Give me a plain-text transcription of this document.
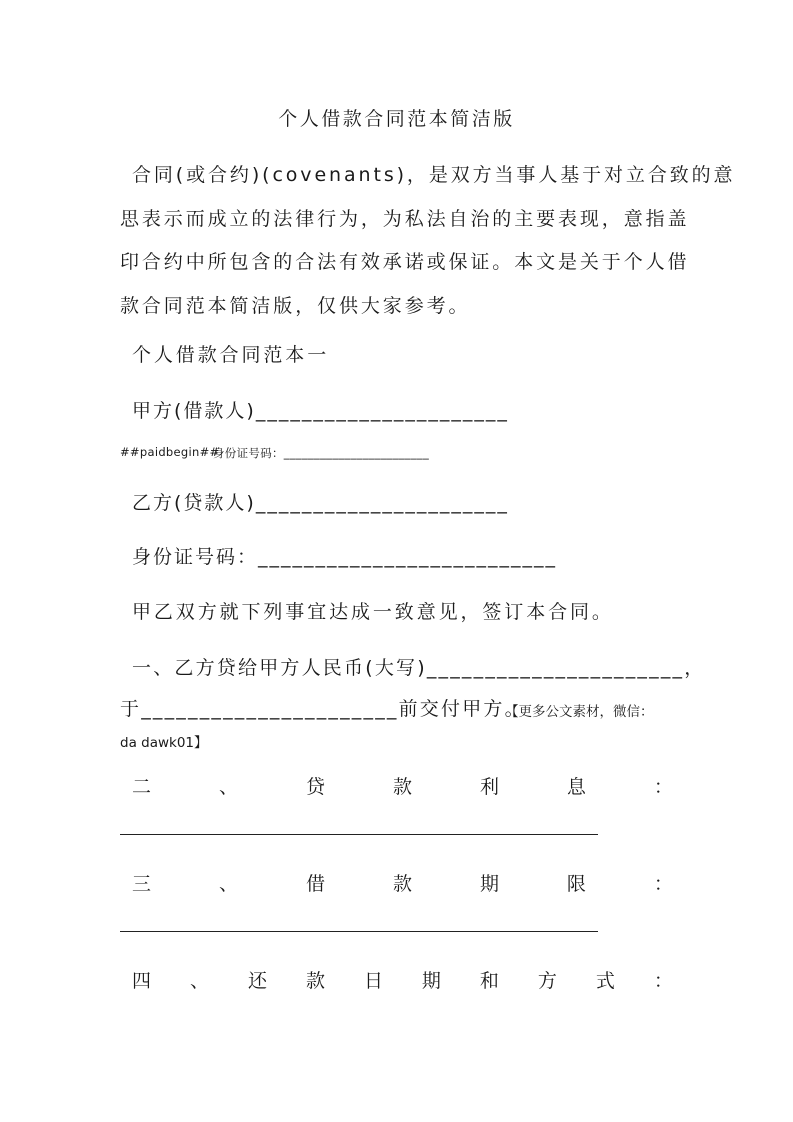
个人借款合同范本简洁版
合同(或合约)(covenants)，是双方当事人基于对立合致的意
思表示而成立的法律行为，为私法自治的主要表现，意指盖
印合约中所包含的合法有效承诺或保证。本文是关于个人借
款合同范本简洁版，仅供大家参考。
个人借款合同范本一
甲方(借款人)______________________
##paidbegin##
身份证号码：________________________
乙方(贷款人)______________________
身份证号码：__________________________
甲乙双方就下列事宜达成一致意见，签订本合同。
一、乙方贷给甲方人民币(大写)______________________，
于______________________前交付甲方。
【更多公文素材，微信：
da dawk01】
二	、	贷	款	利	息	：
三	、	借	款	期	限	：
四 、 还 款 日 期 和 方 式 ：
